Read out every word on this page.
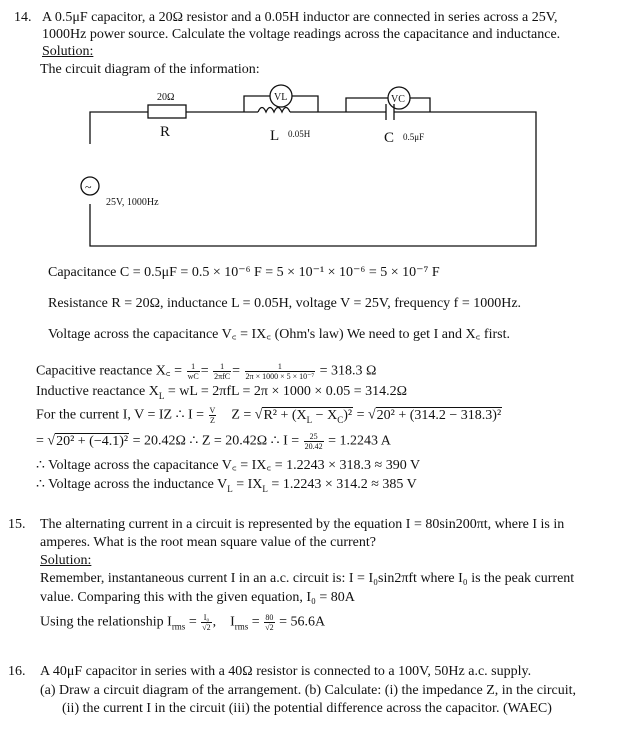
14. A 0.5μF capacitor, a 20Ω resistor and a 0.05H inductor are connected in series across a 25V,
1000Hz power source. Calculate the voltage readings across the capacitance and inductance.
Solution:
The circuit diagram of the information:
20Ω
R	L 0.05H	C 0.5μF
25V, 1000Hz
~
VL	VC
Capacitance C = 0.5μF = 0.5 × 10⁻⁶ F = 5 × 10⁻¹ × 10⁻⁶ = 5 × 10⁻⁷ F
Resistance R = 20Ω, inductance L = 0.05H, voltage V = 25V, frequency f = 1000Hz.
Voltage across the capacitance V꜀ = IX꜀ (Ohm's law) We need to get I and X꜀ first.
Capacitive reactance X꜀ = $\frac{1}{wC} = \frac{1}{\text{2πfC}} = \frac{1}{\text{2π × 1000 × 5 × 10⁻⁷}} = 318.3$ Ω
Inductive reactance $X_L$ = wL = 2πfL = 2π × 1000 × 0.05 = 314.2Ω
For the current I, V = IZ ∴ $I = \frac{V}{Z}$ $Z = √R^2 + (X_L - X_C)^2 = √20^2 + (314.2 - 318.3)^2$
= √20² + (−4.1)² = 20.42Ω ∴ Z = 20.42Ω ∴ $I = \frac{25}{20.42} = 1.2243$ A
∴ Voltage across the capacitance V꜀ = IX꜀ = 1.2243 × 318.3 ≈ 390 V
∴ Voltage across the inductance $V_L = IX_L = 1.2243 \times 314.2 \approx 385$ V
15. The alternating current in a circuit is represented by the equation I = 80sin200πt, where I is in
amperes. What is the root mean square value of the current?
Solution:
Remember, instantaneous current I in an a.c. circuit is: I = I₀sin2πft where I₀ is the peak current
value. Comparing this with the given equation, I₀ = 80A
Using the relationship $I_{rms} = \frac{\text{I₀}}{√2}$ ,    $I_{rms} = \frac{80}{√2} = 56.6A$
16. A 40μF capacitor in series with a 40Ω resistor is connected to a 100V, 50Hz a.c. supply.
(a) Draw a circuit diagram of the arrangement. (b) Calculate: (i) the impedance Z, in the circuit,
(ii) the current I in the circuit (iii) the potential difference across the capacitor. (WAEC)
